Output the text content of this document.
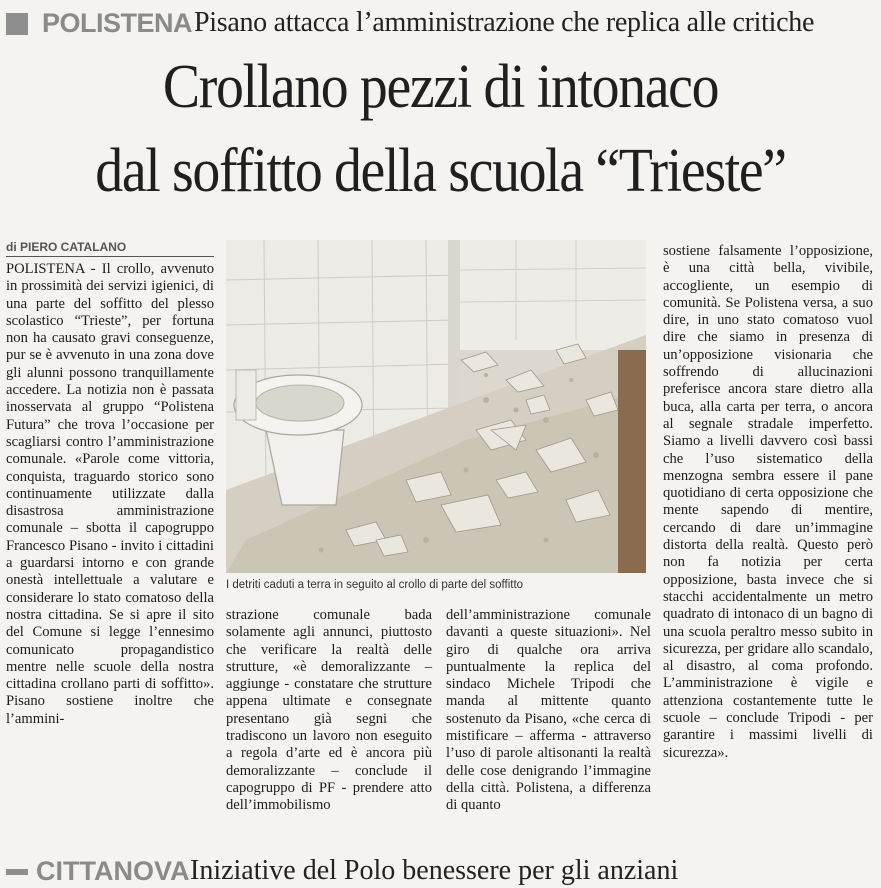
POLISTENA Pisano attacca l’amministrazione che replica alle critiche
Crollano pezzi di intonaco
dal soffitto della scuola “Trieste”
di PIERO CATALANO

POLISTENA - Il crollo, avvenuto in prossimità dei servizi igienici, di una parte del soffitto del plesso scolastico “Trieste”, per fortuna non ha causato gravi conseguenze, pur se è avvenuto in una zona dove gli alunni possono tranquillamente accedere. La notizia non è passata inosservata al gruppo “Polistena Futura” che trova l’occasione per scagliarsi contro l’amministrazione comunale. «Parole come vittoria, conquista, traguardo storico sono continuamente utilizzate dalla disastrosa amministrazione comunale – sbotta il capogruppo Francesco Pisano - invito i cittadini a guardarsi intorno e con grande onestà intellettuale a valutare e considerare lo stato comatoso della nostra cittadina. Se si apre il sito del Comune si legge l’ennesimo comunicato propagandistico mentre nelle scuole della nostra cittadina crollano parti di soffitto». Pisano sostiene inoltre che l’ammini-

I detriti caduti a terra in seguito al crollo di parte del soffitto

strazione comunale bada solamente agli annunci, piuttosto che verificare la realtà delle strutture, «è demoralizzante – aggiunge - constatare che strutture appena ultimate e consegnate presentano già segni che tradiscono un lavoro non eseguito a regola d’arte ed è ancora più demoralizzante – conclude il capogruppo di PF - prendere atto dell’immobilismo

dell’amministrazione comunale davanti a queste situazioni». Nel giro di qualche ora arriva puntualmente la replica del sindaco Michele Tripodi che manda al mittente quanto sostenuto da Pisano, «che cerca di mistificare – afferma - attraverso l’uso di parole altisonanti la realtà delle cose denigrando l’immagine della città. Polistena, a differenza di quanto

sostiene falsamente l’opposizione, è una città bella, vivibile, accogliente, un esempio di comunità. Se Polistena versa, a suo dire, in uno stato comatoso vuol dire che siamo in presenza di un’opposizione visionaria che soffrendo di allucinazioni preferisce ancora stare dietro alla buca, alla carta per terra, o ancora al segnale stradale imperfetto. Siamo a livelli davvero così bassi che l’uso sistematico della menzogna sembra essere il pane quotidiano di certa opposizione che mente sapendo di mentire, cercando di dare un’immagine distorta della realtà. Questo però non fa notizia per certa opposizione, basta invece che si stacchi accidentalmente un metro quadrato di intonaco di un bagno di una scuola peraltro messo subito in sicurezza, per gridare allo scandalo, al disastro, al coma profondo. L’amministrazione è vigile e attenziona costantemente tutte le scuole – conclude Tripodi - per garantire i massimi livelli di sicurezza».

CITTANOVA Iniziative del Polo benessere per gli anziani
